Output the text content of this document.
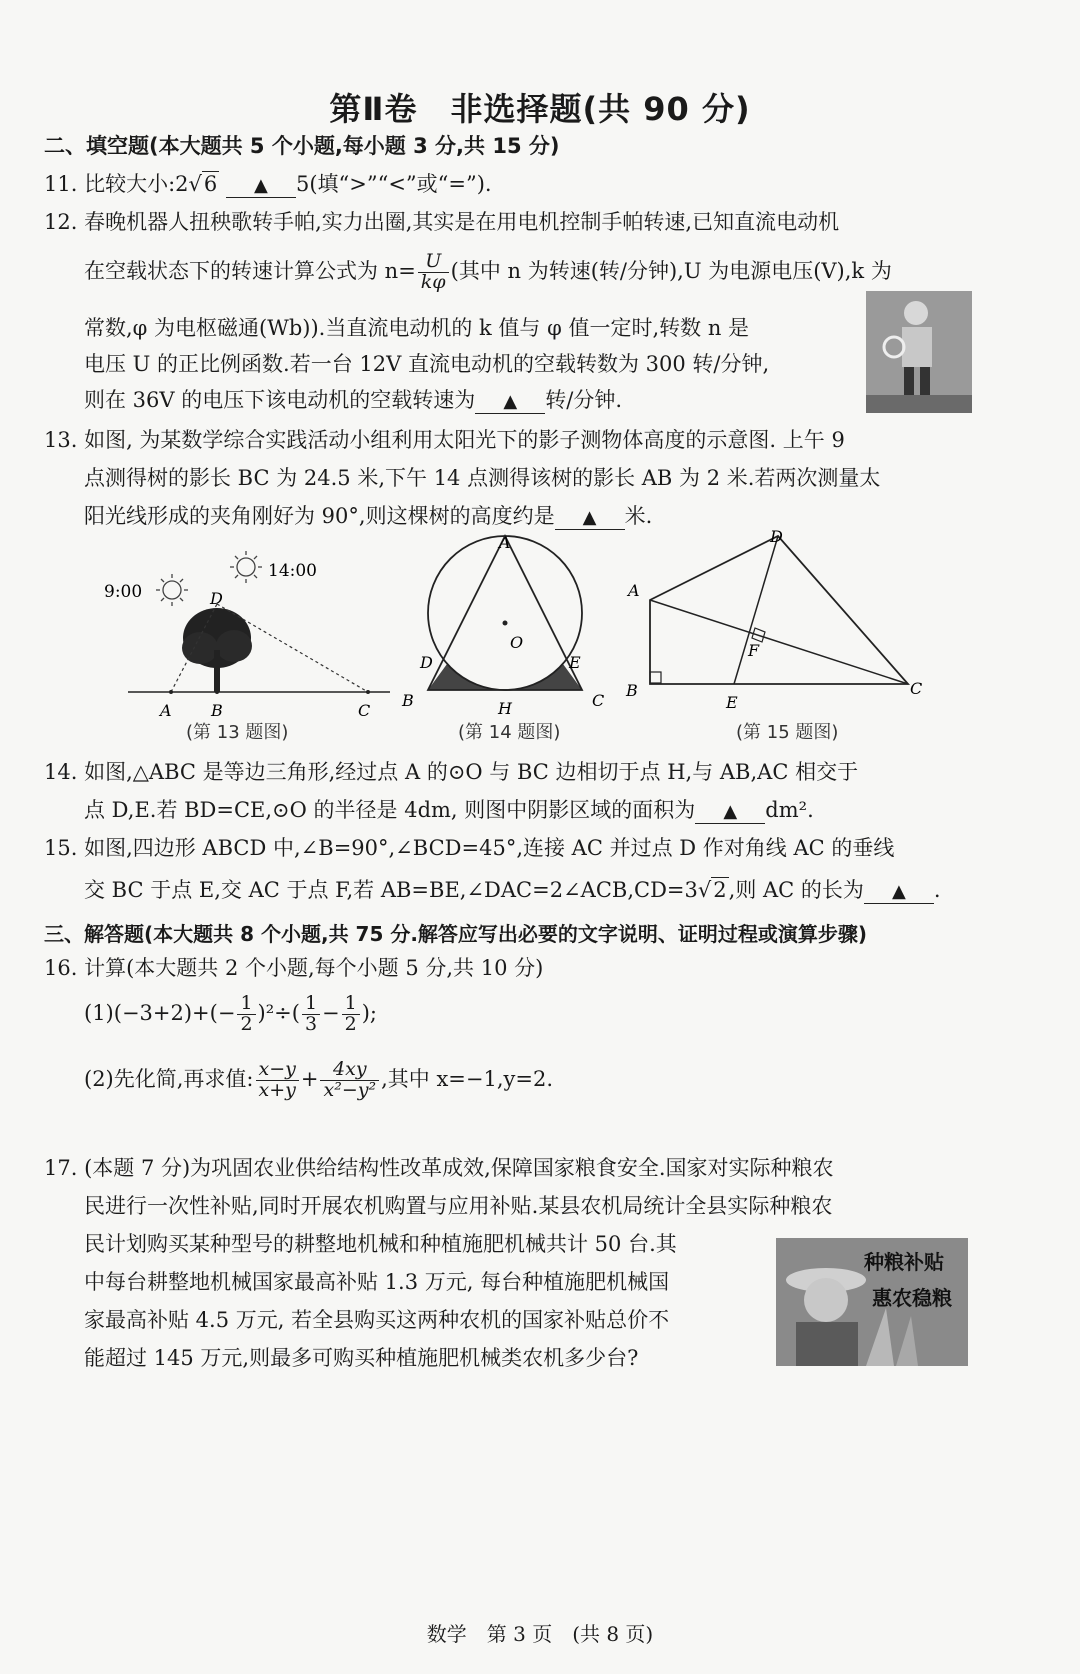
第Ⅱ卷　非选择题(共 90 分)
二、填空题(本大题共 5 个小题,每小题 3 分,共 15 分)
11. 比较大小:2√6 ▲ 5(填“>”“<”或“=”).
12. 春晚机器人扭秧歌转手帕,实力出圈,其实是在用电机控制手帕转速,已知直流电动机
在空载状态下的转速计算公式为 $n= \frac{U}{k\varphi}$ (其中 n 为转速(转/分钟),U 为电源电压(V),k 为
常数,φ 为电枢磁通(Wb)).当直流电动机的 k 值与 φ 值一定时,转数 n 是
电压 U 的正比例函数.若一台 12V 直流电动机的空载转数为 300 转/分钟,
则在 36V 的电压下该电动机的空载转速为 ▲ 转/分钟.
13. 如图, 为某数学综合实践活动小组利用太阳光下的影子测物体高度的示意图. 上午 9
点测得树的影长 BC 为 24.5 米,下午 14 点测得该树的影长 AB 为 2 米.若两次测量太
阳光线形成的夹角刚好为 90°,则这棵树的高度约是 ▲ 米.
9:00
14:00
D
A B	C
(第 13 题图)
A
O
D	E
B	H	C
(第 14 题图)
D
A
F
B
E
C
(第 15 题图)
14. 如图,△ABC 是等边三角形,经过点 A 的⊙O 与 BC 边相切于点 H,与 AB,AC 相交于
点 D,E.若 BD=CE,⊙O 的半径是 4dm, 则图中阴影区域的面积为 ▲ dm².
15. 如图,四边形 ABCD 中,∠B=90°,∠BCD=45°,连接 AC 并过点 D 作对角线 AC 的垂线
交 BC 于点 E,交 AC 于点 F,若 AB=BE,∠DAC=2∠ACB,CD=3√2,则 AC 的长为 ▲ .
三、解答题(本大题共 8 个小题,共 75 分.解答应写出必要的文字说明、证明过程或演算步骤)
16. 计算(本大题共 2 个小题,每个小题 5 分,共 10 分)
$(1)(-3+2)+(- \frac{1}{2} )^2\div( \frac{1}{3} - \frac{1}{2}$ );
(2)先化简,再求值: $\frac{x-y}{x+y} + \frac{4xy}{\text{x²−y²}}$ ,其中 x=−1,y=2.
17. (本题 7 分)为巩固农业供给结构性改革成效,保障国家粮食安全.国家对实际种粮农
民进行一次性补贴,同时开展农机购置与应用补贴.某县农机局统计全县实际种粮农
民计划购买某种型号的耕整地机械和种植施肥机械共计 50 台.其
中每台耕整地机械国家最高补贴 1.3 万元, 每台种植施肥机械国
家最高补贴 4.5 万元, 若全县购买这两种农机的国家补贴总价不
能超过 145 万元,则最多可购买种植施肥机械类农机多少台?
种粮补贴
惠农稳粮
数学　第 3 页　(共 8 页)
